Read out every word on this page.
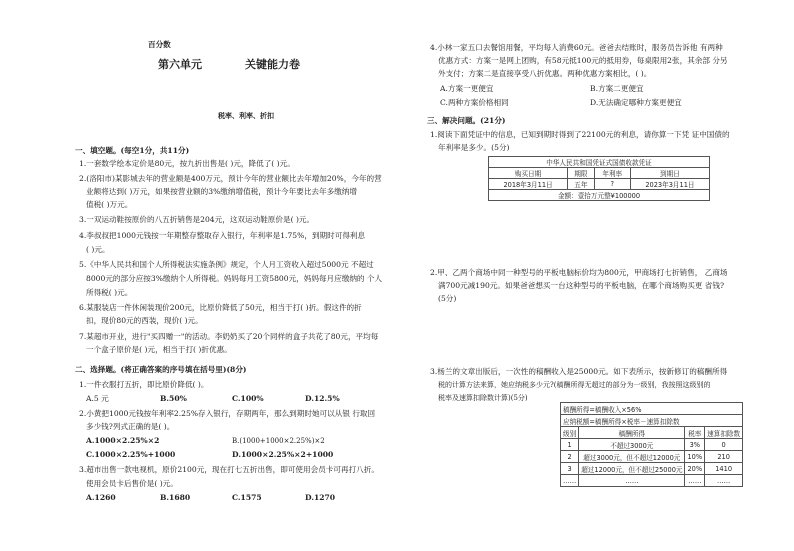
百分数
第六单元	关键能力卷
税率、利率、折扣
一、填空题。(每空1分，共11分)
1.一套数学绘本定价是80元，按九折出售是( )元，降低了( )元。
2.(洛阳市)某影城去年的营业额是400万元，预计今年的营业额比去年增加20%，今年的营
业额将达到( )万元，如果按营业额的3%缴纳增值税，预计今年要比去年多缴纳增
值税( )万元。
3.一双运动鞋按原价的八五折销售是204元，这双运动鞋原价是( )元。
4.李叔叔把1000元钱按一年期整存整取存入银行，年利率是1.75%，到期时可得利息
( )元。
5.《中华人民共和国个人所得税法实施条例》规定，个人月工资收入超过5000元 不超过
8000元的部分应按3%缴纳个人所得税。妈妈每月工资5800元，妈妈每月应缴纳的 个人
所得税( )元。
6.某服装店一件休闲装现价200元，比原价降低了50元，相当于打( )折。假这件的折
扣，现价80元的西装，现价( )元。
7.某超市开业，进行"买四赠一"的活动。李奶奶买了20个同样的盒子共花了80元，平均每
一个盒子原价是( )元，相当于打( )折优惠。
二、选择题。(将正确答案的序号填在括号里)(8分)
1.一件衣服打五折，即比原价降低( )。
A.5 元	B.50%	C.100%	D.12.5%
2.小黄把1000元钱按年利率2.25%存入银行，存期两年，那么到期时她可以从银 行取回
多少钱?列式正确的是( )。
A.1000×2.25%×2	B.(1000+1000×2.25%)×2
C.1000×2.25%+1000	D.1000×2.25%×2+1000
3.超市出售一款电视机，原价2100元，现在打七五折出售，即可使用会员卡可再打八折。
使用会员卡后售价是( )元。
A.1260	B.1680	C.1575	D.1270
4.小林一家五口去餐馆用餐，平均每人消费60元。爸爸去结账时，服务员告诉他 有两种
优惠方式：方案一是网上团购，有58元抵100元的抵用券，每桌限用2张，其余部 分另
外支付；方案二是直接享受八折优惠。两种优惠方案相比，( )。
A.方案一更便宜	B.方案二更便宜
C.两种方案价格相同	D.无法确定哪种方案更便宜
三、解决问题。(21分)
1.阅读下面凭证中的信息，已知到期时得到了22100元的利息，请你算一下凭 证中国债的
年利率是多少。(5分)
中华人民共和国凭证式国债收款凭证			
购买日期	期限	年利率	到期日
2018年3月11日	五年	?	2023年3月11日
金额：壹拾万元整¥100000			
2.甲、乙两个商场中同一种型号的平板电脑标价均为800元，甲商场打七折销售， 乙商场
满700元减190元。如果爸爸想买一台这种型号的平板电脑，在哪个商场购买更 省钱?
(5分)
3.杨兰的文章出版后，一次性的稿酬收入是25000元。如下表所示，按新修订的稿酬所得
税的计算方法来算，她应纳税多少元?(稿酬所得无超过的部分为一级别，我按照这级别的
税率及速算扣除数计算)(5分)
稿酬所得=稿酬收入×56%			
应纳税额=稿酬所得×税率－速算扣除数			
级别	稿酬所得	税率	速算扣除数
1	不超过3000元	3%	0
2	超过3000元，但不超过12000元	10%	210
3	超过12000元，但不超过25000元	20%	1410
……	……	……	……
